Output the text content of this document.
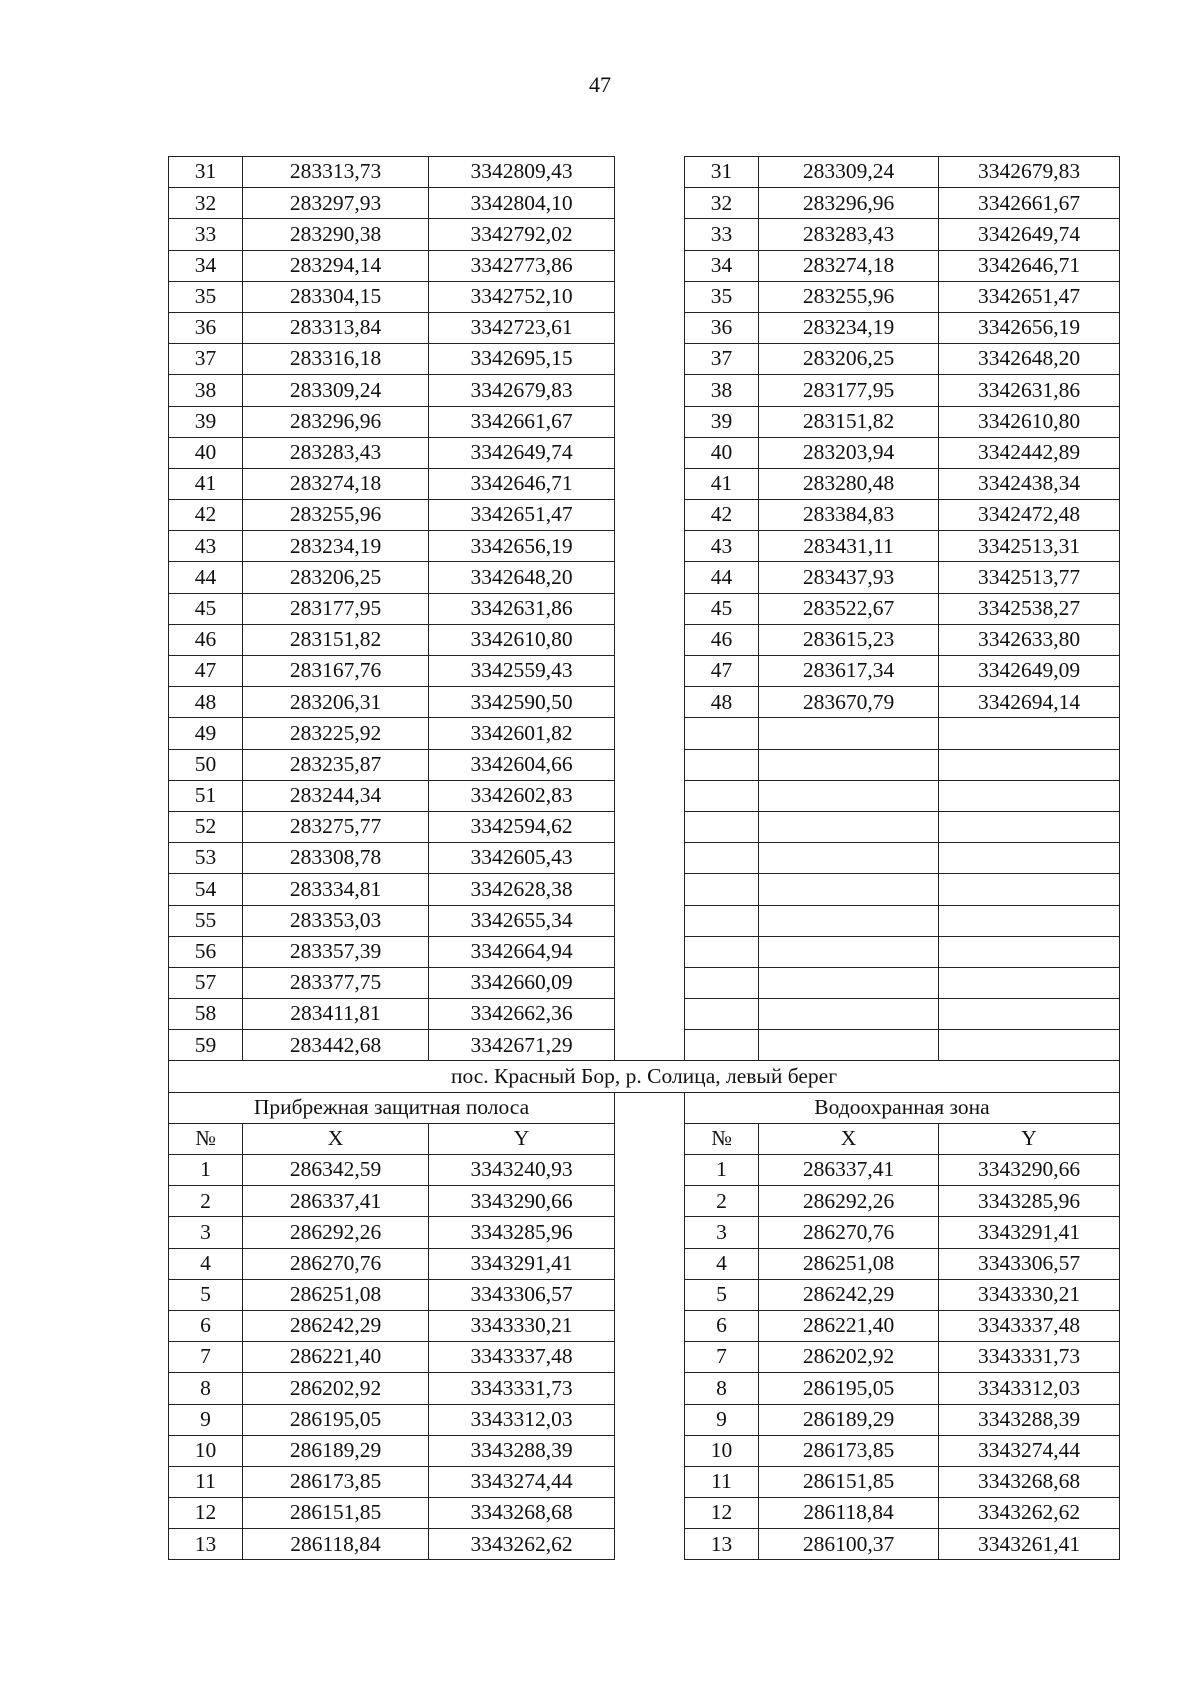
47
31	283313,73	3342809,43		31	283309,24	3342679,83
32	283297,93	3342804,10		32	283296,96	3342661,67
33	283290,38	3342792,02		33	283283,43	3342649,74
34	283294,14	3342773,86		34	283274,18	3342646,71
35	283304,15	3342752,10		35	283255,96	3342651,47
36	283313,84	3342723,61		36	283234,19	3342656,19
37	283316,18	3342695,15		37	283206,25	3342648,20
38	283309,24	3342679,83		38	283177,95	3342631,86
39	283296,96	3342661,67		39	283151,82	3342610,80
40	283283,43	3342649,74		40	283203,94	3342442,89
41	283274,18	3342646,71		41	283280,48	3342438,34
42	283255,96	3342651,47		42	283384,83	3342472,48
43	283234,19	3342656,19		43	283431,11	3342513,31
44	283206,25	3342648,20		44	283437,93	3342513,77
45	283177,95	3342631,86		45	283522,67	3342538,27
46	283151,82	3342610,80		46	283615,23	3342633,80
47	283167,76	3342559,43		47	283617,34	3342649,09
48	283206,31	3342590,50		48	283670,79	3342694,14
49	283225,92	3342601,82				
50	283235,87	3342604,66				
51	283244,34	3342602,83				
52	283275,77	3342594,62				
53	283308,78	3342605,43				
54	283334,81	3342628,38				
55	283353,03	3342655,34				
56	283357,39	3342664,94				
57	283377,75	3342660,09				
58	283411,81	3342662,36				
59	283442,68	3342671,29				
пос. Красный Бор, р. Солица, левый берег						
Прибрежная защитная полоса				Водоохранная зона		
№	X	Y		№	X	Y
1	286342,59	3343240,93		1	286337,41	3343290,66
2	286337,41	3343290,66		2	286292,26	3343285,96
3	286292,26	3343285,96		3	286270,76	3343291,41
4	286270,76	3343291,41		4	286251,08	3343306,57
5	286251,08	3343306,57		5	286242,29	3343330,21
6	286242,29	3343330,21		6	286221,40	3343337,48
7	286221,40	3343337,48		7	286202,92	3343331,73
8	286202,92	3343331,73		8	286195,05	3343312,03
9	286195,05	3343312,03		9	286189,29	3343288,39
10	286189,29	3343288,39		10	286173,85	3343274,44
11	286173,85	3343274,44		11	286151,85	3343268,68
12	286151,85	3343268,68		12	286118,84	3343262,62
13	286118,84	3343262,62		13	286100,37	3343261,41
